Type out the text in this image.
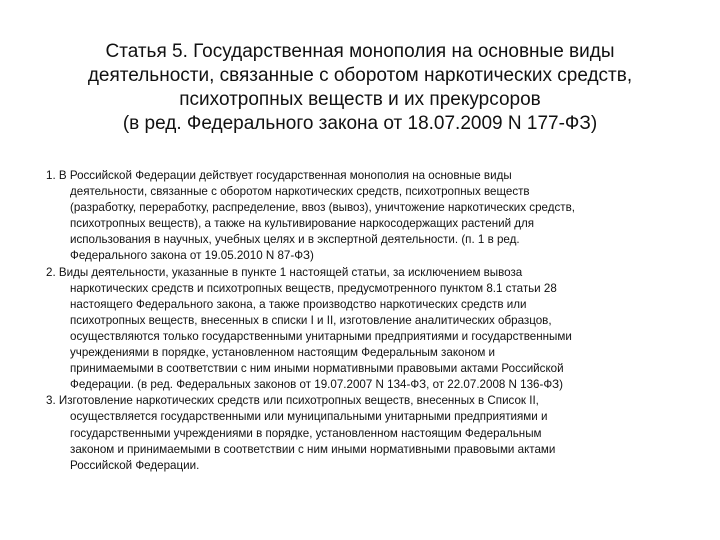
Статья 5. Государственная монополия на основные виды
деятельности, связанные с оборотом наркотических средств,
психотропных веществ и их прекурсоров
(в ред. Федерального закона от 18.07.2009 N 177-ФЗ)
1. В Российской Федерации действует государственная монополия на основные виды
деятельности, связанные с оборотом наркотических средств, психотропных веществ
(разработку, переработку, распределение, ввоз (вывоз), уничтожение наркотических средств,
психотропных веществ), а также на культивирование наркосодержащих растений для
использования в научных, учебных целях и в экспертной деятельности. (п. 1 в ред.
Федерального закона от 19.05.2010 N 87-ФЗ)
2. Виды деятельности, указанные в пункте 1 настоящей статьи, за исключением вывоза
наркотических средств и психотропных веществ, предусмотренного пунктом 8.1 статьи 28
настоящего Федерального закона, а также производство наркотических средств или
психотропных веществ, внесенных в списки I и II, изготовление аналитических образцов,
осуществляются только государственными унитарными предприятиями и государственными
учреждениями в порядке, установленном настоящим Федеральным законом и
принимаемыми в соответствии с ним иными нормативными правовыми актами Российской
Федерации. (в ред. Федеральных законов от 19.07.2007 N 134-ФЗ, от 22.07.2008 N 136-ФЗ)
3. Изготовление наркотических средств или психотропных веществ, внесенных в Список II,
осуществляется государственными или муниципальными унитарными предприятиями и
государственными учреждениями в порядке, установленном настоящим Федеральным
законом и принимаемыми в соответствии с ним иными нормативными правовыми актами
Российской Федерации.
